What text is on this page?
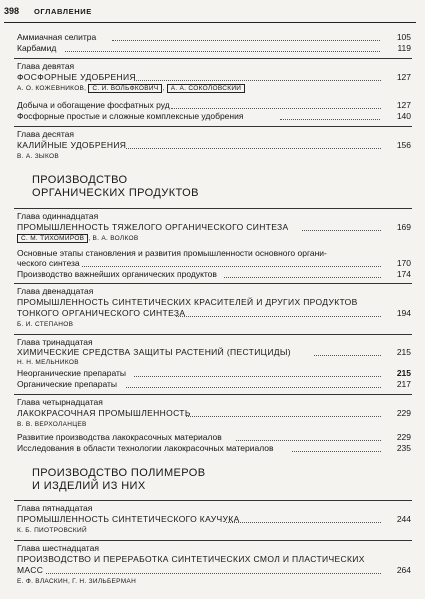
398 ОГЛАВЛЕНИЕ
Аммиачная селитра	105
Карбамид	119
Глава девятая
ФОСФОРНЫЕ УДОБРЕНИЯ	127
А. О. КОЖЕВНИКОВ, С. И. ВОЛЬФКОВИЧ , А. А. СОКОЛОВСКИЙ
Добыча и обогащение фосфатных руд	127
Фосфорные простые и сложные комплексные удобрения	140
Глава десятая
КАЛИЙНЫЕ УДОБРЕНИЯ	156
В. А. ЗЫКОВ
ПРОИЗВОДСТВО
ОРГАНИЧЕСКИХ ПРОДУКТОВ
Глава одиннадцатая
ПРОМЫШЛЕННОСТЬ ТЯЖЕЛОГО ОРГАНИЧЕСКОГО СИНТЕЗА	169
С. М. ТИХОМИРОВ , В. А. ВОЛКОВ
Основные этапы становления и развития промышленности основного органи-
ческого синтеза	170
Производство важнейших органических продуктов	174
Глава двенадцатая
ПРОМЫШЛЕННОСТЬ СИНТЕТИЧЕСКИХ КРАСИТЕЛЕЙ И ДРУГИХ ПРОДУКТОВ
ТОНКОГО ОРГАНИЧЕСКОГО СИНТЕЗА	194
Б. И. СТЕПАНОВ
Глава тринадцатая
ХИМИЧЕСКИЕ СРЕДСТВА ЗАЩИТЫ РАСТЕНИЙ (ПЕСТИЦИДЫ)	215
Н. Н. МЕЛЬНИКОВ
Неорганические препараты	215
Органические препараты	217
Глава четырнадцатая
ЛАКОКРАСОЧНАЯ ПРОМЫШЛЕННОСТЬ	229
В. В. ВЕРХОЛАНЦЕВ
Развитие производства лакокрасочных материалов	229
Исследования в области технологии лакокрасочных материалов	235
ПРОИЗВОДСТВО ПОЛИМЕРОВ
И ИЗДЕЛИЙ ИЗ НИХ
Глава пятнадцатая
ПРОМЫШЛЕННОСТЬ СИНТЕТИЧЕСКОГО КАУЧУКА	244
К. Б. ПИОТРОВСКИЙ
Глава шестнадцатая
ПРОИЗВОДСТВО И ПЕРЕРАБОТКА СИНТЕТИЧЕСКИХ СМОЛ И ПЛАСТИЧЕСКИХ
МАСС	264
Е. Ф. ВЛАСКИН, Г. Н. ЗИЛЬБЕРМАН
